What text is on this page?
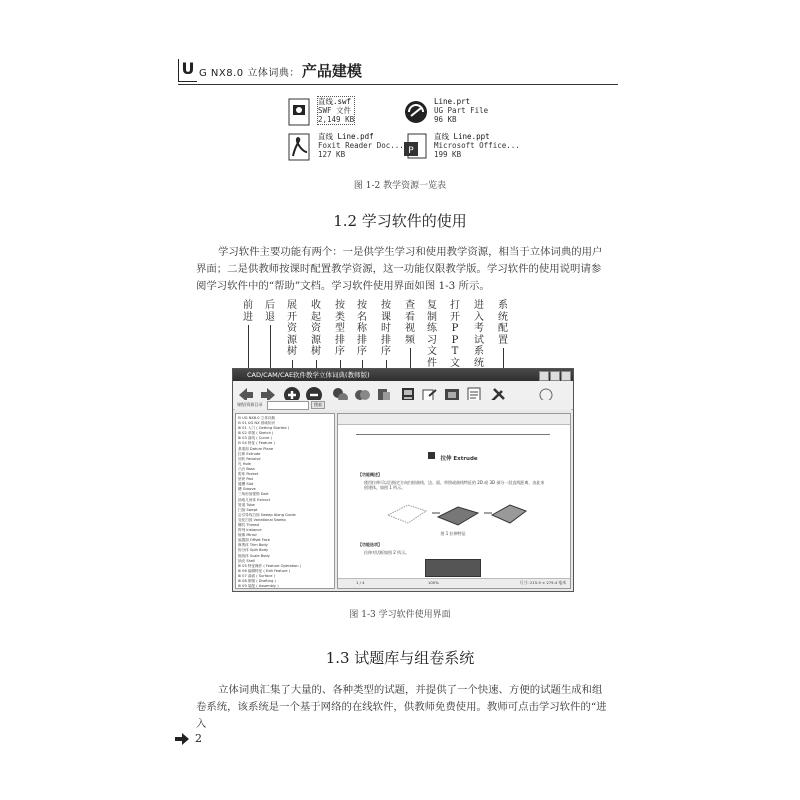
U G NX8.0 立体词典： 产品建模
直线.swf
SWF 文件
2,149 KB
Line.prt
UG Part File
96 KB
直线 Line.pdf
Foxit Reader Doc...
127 KB	P
直线 Line.ppt
Microsoft Office...
199 KB
图 1-2 教学资源一览表
1.2 学习软件的使用
学习软件主要功能有两个：一是供学生学习和使用教学资源，相当于立体词典的用户界面；二是供教师按课时配置教学资源，这一功能仅限教学版。学习软件的使用说明请参阅学习软件中的“帮助”文档。学习软件使用界面如图 1-3 所示。
前进
后退
展开资源树
收起资源树
按类型排序
按名称排序
按课时排序
查看视频
复制练习文件
打开PPT文
进入考试系统
系统配置
CAD/CAM/CAE软件教学立体词典(教师版)
课程/资源目录	搜索
⊟ UG NX8.0 立体词典
⊟ 01 UG NX 基础知识
⊞ 01 入门 ( Getting Started )
⊞ 02 草图 ( Sketch )
⊞ 03 曲线 ( Curve )
⊟ 04 特征 ( Feature )
基准面 Datum Plane
拉伸 Extrude
回转 Revolve
孔 Hole
凸台 Boss
腔体 Pocket
垫块 Pad
键槽 Slot
槽 Groove
三角形加强筋 Dart
抽取几何体 Extract
管道 Tube
扫掠 Swept
沿引导线扫掠 Sweep Along Guide
变化扫掠 Variational Sweep
螺纹 Thread
阵列 Instance
镜像 Mirror
偏置面 Offset Face
修剪体 Trim Body
拆分体 Split Body
缩放体 Scale Body
抽壳 Shell
⊞ 05 特征操作 ( Feature Operation )
⊞ 06 编辑特征 ( Edit Feature )
⊞ 07 曲面 ( Surface )
⊞ 08 制图 ( Drafting )
⊞ 09 装配 ( Assembly )
拉伸 Extrude
【功能概述】
使用拉伸可以沿指定方向扫掠曲线、边、面，草图或曲线特征的 2D 或 3D 部分一段直线距离，由此来创建体。如图 1 所示。
图 1 拉伸特征
【功能选项】
拉伸对话框如图 2 所示。
1 / 4	100%	尺寸: 215.9 × 279.4 毫米
图 1-3 学习软件使用界面
1.3 试题库与组卷系统
立体词典汇集了大量的、各种类型的试题，并提供了一个快速、方便的试题生成和组卷系统，该系统是一个基于网络的在线软件，供教师免费使用。教师可点击学习软件的“进入
2
